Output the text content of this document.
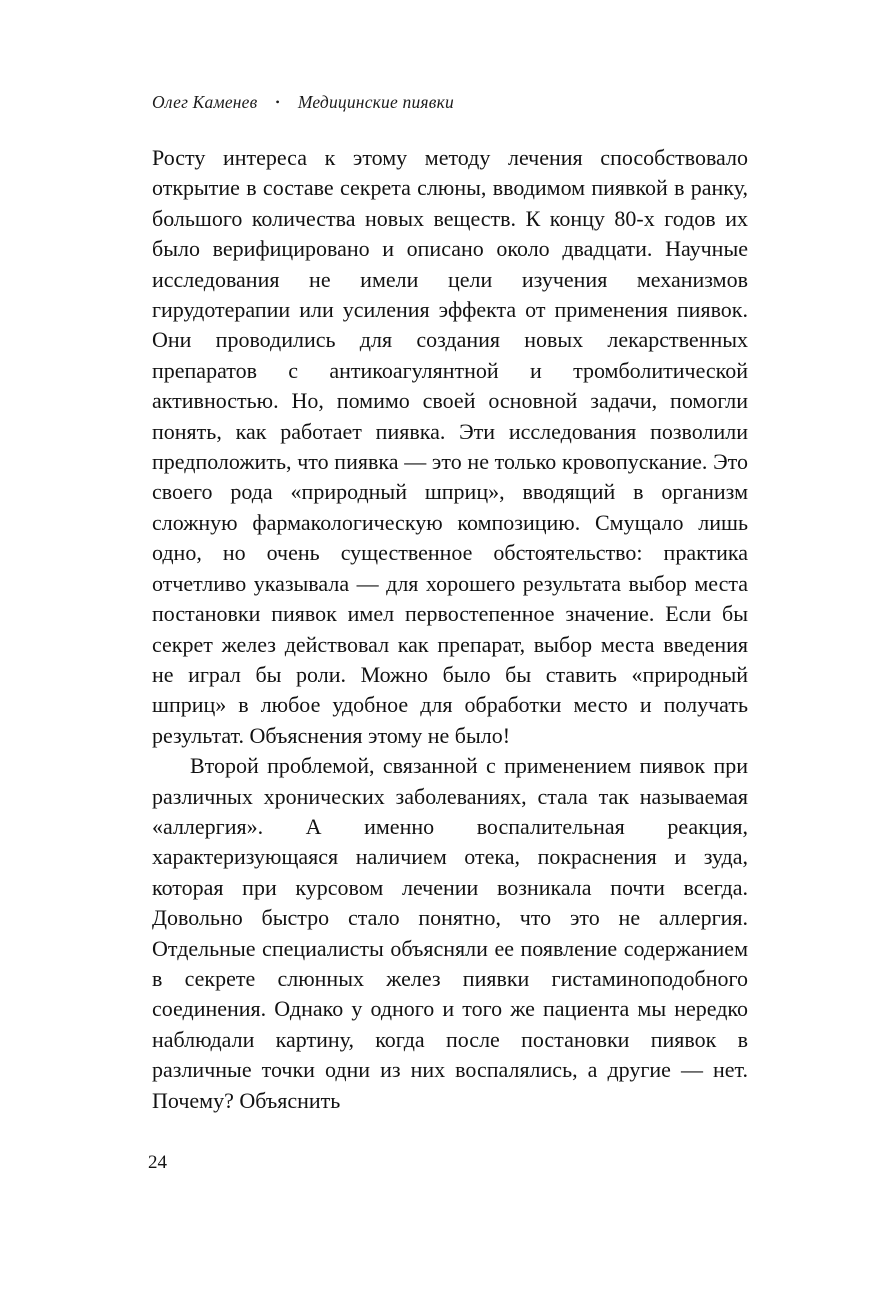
Олег Каменев • Медицинские пиявки

Росту интереса к этому методу лечения способствовало открытие в составе секрета слюны, вводимом пиявкой в ранку, большого количества новых веществ. К концу 80-х годов их было верифицировано и описано около двадцати. Научные исследования не имели цели изучения механизмов гирудотерапии или усиления эффекта от применения пиявок. Они проводились для создания новых лекарственных препаратов с антикоагулянтной и тромболитической активностью. Но, помимо своей основной задачи, помогли понять, как работает пиявка. Эти исследования позволили предположить, что пиявка — это не только кровопускание. Это своего рода «природный шприц», вводящий в организм сложную фармакологическую композицию. Смущало лишь одно, но очень существенное обстоятельство: практика отчетливо указывала — для хорошего результата выбор места постановки пиявок имел первостепенное значение. Если бы секрет желез действовал как препарат, выбор места введения не играл бы роли. Можно было бы ставить «природный шприц» в любое удобное для обработки место и получать результат. Объяснения этому не было!

Второй проблемой, связанной с применением пиявок при различных хронических заболеваниях, стала так называемая «аллергия». А именно воспалительная реакция, характеризующаяся наличием отека, покраснения и зуда, которая при курсовом лечении возникала почти всегда. Довольно быстро стало понятно, что это не аллергия. Отдельные специалисты объясняли ее появление содержанием в секрете слюнных желез пиявки гистаминоподобного соединения. Однако у одного и того же пациента мы нередко наблюдали картину, когда после постановки пиявок в различные точки одни из них воспалялись, а другие — нет. Почему? Объяснить

24
